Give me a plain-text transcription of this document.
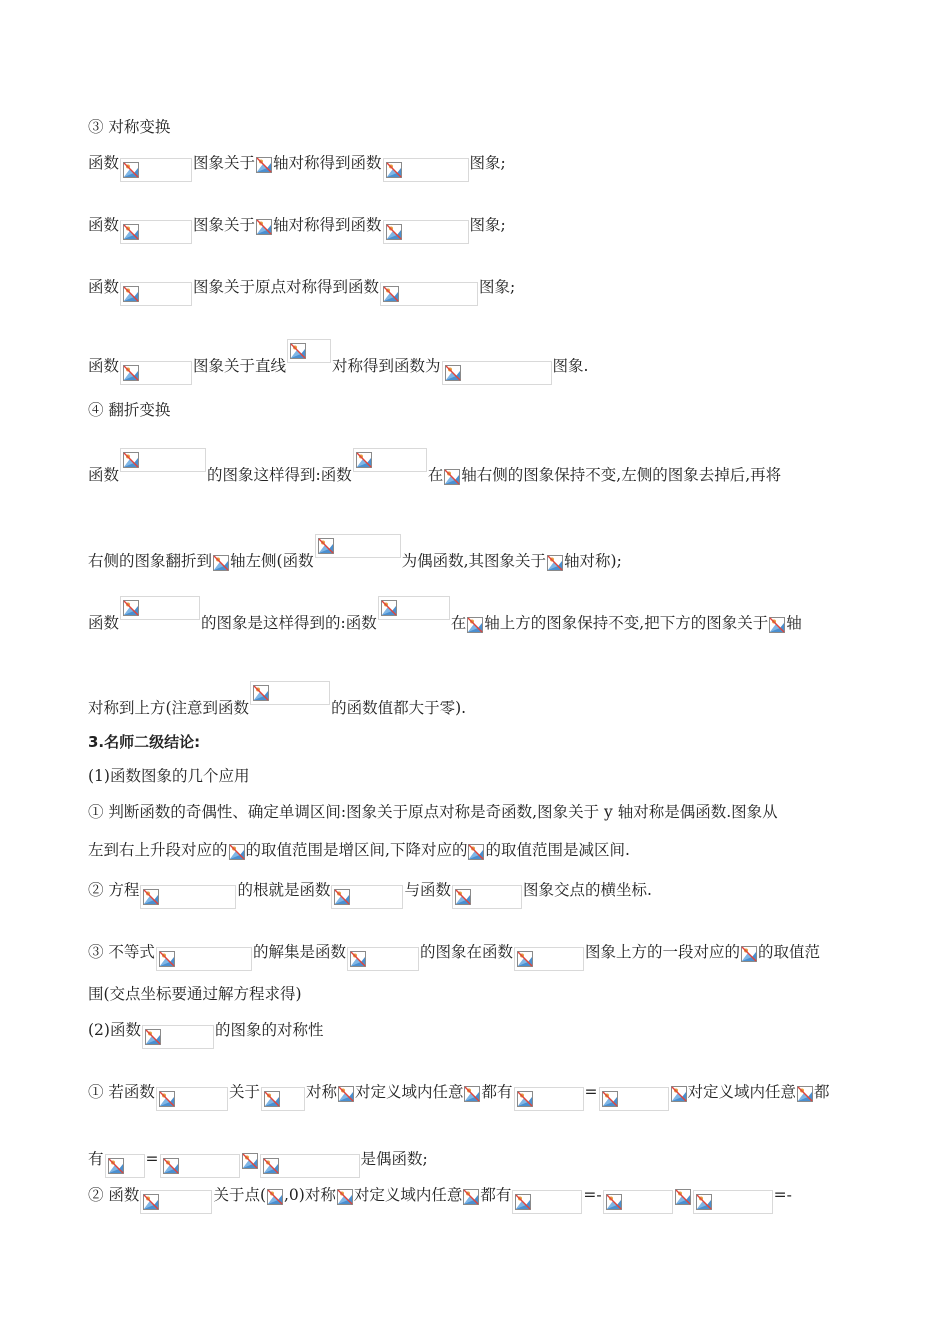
③ 对称变换
函数	图象关于 轴对称得到函数	图象;
函数	图象关于 轴对称得到函数	图象;
函数	图象关于原点对称得到函数	图象;
函数	图象关于直线	对称得到函数为	图象.
④ 翻折变换
函数	的图象这样得到:函数	在 轴右侧的图象保持不变,左侧的图象去掉后,再将
右侧的图象翻折到 轴左侧(函数	为偶函数,其图象关于 轴对称);
函数	的图象是这样得到的:函数	在 轴上方的图象保持不变,把下方的图象关于 轴
对称到上方(注意到函数	的函数值都大于零).
3.名师二级结论:
(1)函数图象的几个应用
① 判断函数的奇偶性、确定单调区间:图象关于原点对称是奇函数,图象关于 y 轴对称是偶函数.图象从
左到右上升段对应的 的取值范围是增区间,下降对应的 的取值范围是减区间.
② 方程	的根就是函数	与函数	图象交点的横坐标.
③ 不等式	的解集是函数	的图象在函数	图象上方的一段对应的 的取值范
围(交点坐标要通过解方程求得)
(2)函数	的图象的对称性
① 若函数	关于	对称 对定义域内任意 都有	=	对定义域内任意 都
有	=	是偶函数;
② 函数	关于点( ,0)对称 对定义域内任意 都有	=-	=-
